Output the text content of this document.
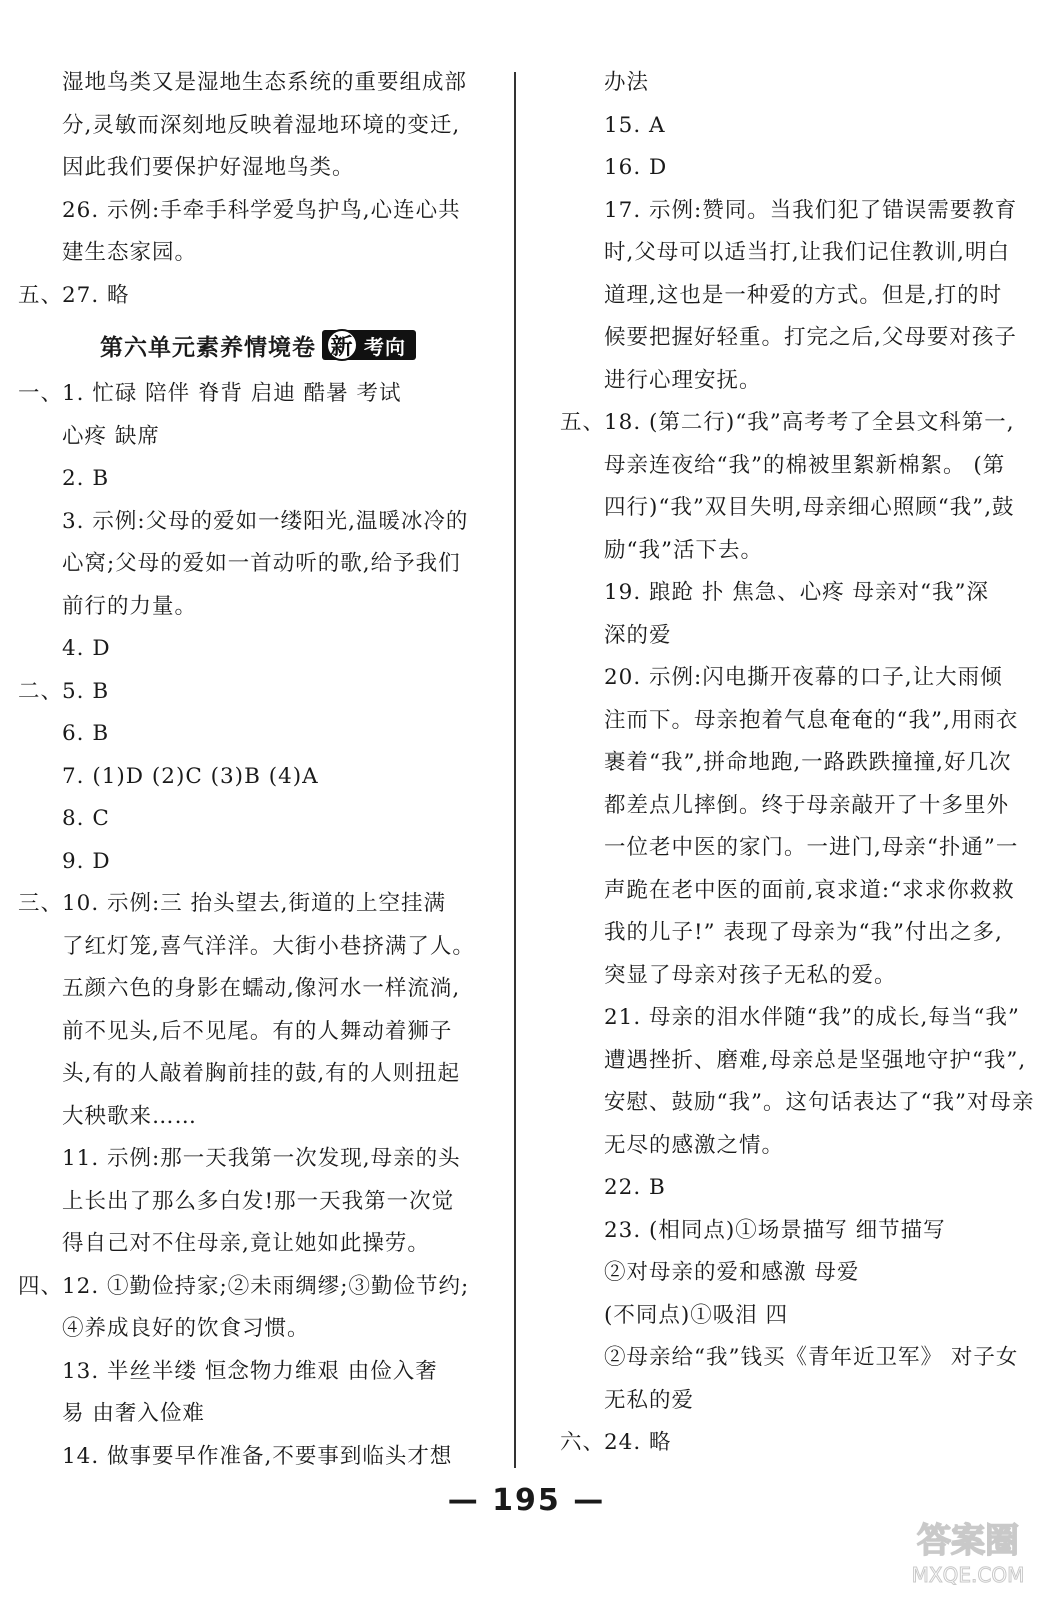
湿地鸟类又是湿地生态系统的重要组成部
分,灵敏而深刻地反映着湿地环境的变迁,
因此我们要保护好湿地鸟类。
26. 示例:手牵手科学爱鸟护鸟,心连心共
建生态家园。
五、
27. 略
第六单元素养情境卷 新 考向
一、
1. 忙碌 陪伴 脊背 启迪 酷暑 考试
心疼 缺席
2. B
3. 示例:父母的爱如一缕阳光,温暖冰冷的
心窝;父母的爱如一首动听的歌,给予我们
前行的力量。
4. D
二、
5. B
6. B
7. (1)D (2)C (3)B (4)A
8. C
9. D
三、
10. 示例:三 抬头望去,街道的上空挂满
了红灯笼,喜气洋洋。大街小巷挤满了人。
五颜六色的身影在蠕动,像河水一样流淌,
前不见头,后不见尾。有的人舞动着狮子
头,有的人敲着胸前挂的鼓,有的人则扭起
大秧歌来……
11. 示例:那一天我第一次发现,母亲的头
上长出了那么多白发!那一天我第一次觉
得自己对不住母亲,竟让她如此操劳。
四、
12. ①勤俭持家;②未雨绸缪;③勤俭节约;
④养成良好的饮食习惯。
13. 半丝半缕 恒念物力维艰 由俭入奢
易 由奢入俭难
14. 做事要早作准备,不要事到临头才想
办法
15. A
16. D
17. 示例:赞同。当我们犯了错误需要教育
时,父母可以适当打,让我们记住教训,明白
道理,这也是一种爱的方式。但是,打的时
候要把握好轻重。打完之后,父母要对孩子
进行心理安抚。
五、
18. (第二行)“我”高考考了全县文科第一,
母亲连夜给“我”的棉被里絮新棉絮。 (第
四行)“我”双目失明,母亲细心照顾“我”,鼓
励“我”活下去。
19. 踉跄 扑 焦急、心疼 母亲对“我”深
深的爱
20. 示例:闪电撕开夜幕的口子,让大雨倾
注而下。母亲抱着气息奄奄的“我”,用雨衣
裹着“我”,拼命地跑,一路跌跌撞撞,好几次
都差点儿摔倒。终于母亲敲开了十多里外
一位老中医的家门。一进门,母亲“扑通”一
声跪在老中医的面前,哀求道:“求求你救救
我的儿子!” 表现了母亲为“我”付出之多,
突显了母亲对孩子无私的爱。
21. 母亲的泪水伴随“我”的成长,每当“我”
遭遇挫折、磨难,母亲总是坚强地守护“我”,
安慰、鼓励“我”。这句话表达了“我”对母亲
无尽的感激之情。
22. B
23. (相同点)①场景描写 细节描写
②对母亲的爱和感激 母爱
(不同点)①吸泪 四
②母亲给“我”钱买《青年近卫军》 对子女
无私的爱
六、
24. 略
— 195 —
答案圈
MXQE.COM
